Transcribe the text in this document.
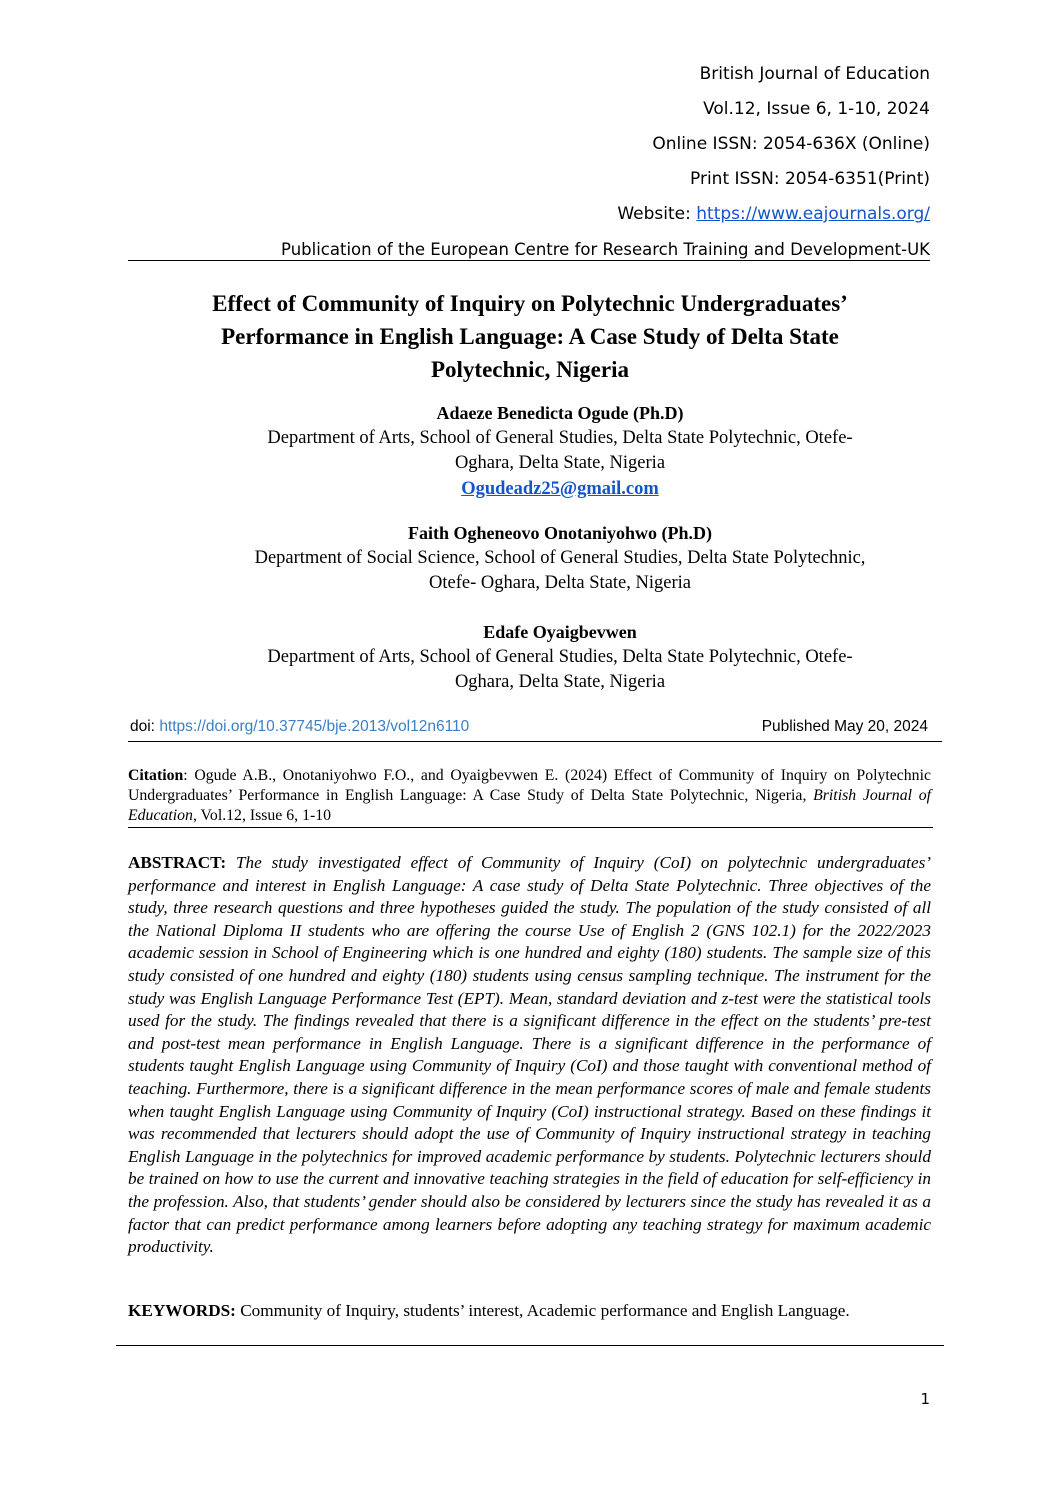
British Journal of Education
Vol.12, Issue 6, 1-10, 2024
Online ISSN: 2054-636X (Online)
Print ISSN: 2054-6351(Print)
Website: https://www.eajournals.org/
Publication of the European Centre for Research Training and Development-UK
Effect of Community of Inquiry on Polytechnic Undergraduates’
Performance in English Language: A Case Study of Delta State
Polytechnic, Nigeria
Adaeze Benedicta Ogude (Ph.D)
Department of Arts, School of General Studies, Delta State Polytechnic, Otefe-
Oghara, Delta State, Nigeria
Ogudeadz25@gmail.com
Faith Ogheneovo Onotaniyohwo (Ph.D)
Department of Social Science, School of General Studies, Delta State Polytechnic,
Otefe- Oghara, Delta State, Nigeria
Edafe Oyaigbevwen
Department of Arts, School of General Studies, Delta State Polytechnic, Otefe-
Oghara, Delta State, Nigeria
doi: https://doi.org/10.37745/bje.2013/vol12n6110	Published May 20, 2024
Citation: Ogude A.B., Onotaniyohwo F.O., and Oyaigbevwen E. (2024) Effect of Community of Inquiry on Polytechnic Undergraduates’ Performance in English Language: A Case Study of Delta State Polytechnic, Nigeria, British Journal of Education, Vol.12, Issue 6, 1-10
ABSTRACT: The study investigated effect of Community of Inquiry (CoI) on polytechnic undergraduates’ performance and interest in English Language: A case study of Delta State Polytechnic. Three objectives of the study, three research questions and three hypotheses guided the study. The population of the study consisted of all the National Diploma II students who are offering the course Use of English 2 (GNS 102.1) for the 2022/2023 academic session in School of Engineering which is one hundred and eighty (180) students. The sample size of this study consisted of one hundred and eighty (180) students using census sampling technique. The instrument for the study was English Language Performance Test (EPT). Mean, standard deviation and z-test were the statistical tools used for the study. The findings revealed that there is a significant difference in the effect on the students’ pre-test and post-test mean performance in English Language. There is a significant difference in the performance of students taught English Language using Community of Inquiry (CoI) and those taught with conventional method of teaching. Furthermore, there is a significant difference in the mean performance scores of male and female students when taught English Language using Community of Inquiry (CoI) instructional strategy. Based on these findings it was recommended that lecturers should adopt the use of Community of Inquiry instructional strategy in teaching English Language in the polytechnics for improved academic performance by students. Polytechnic lecturers should be trained on how to use the current and innovative teaching strategies in the field of education for self-efficiency in the profession. Also, that students’ gender should also be considered by lecturers since the study has revealed it as a factor that can predict performance among learners before adopting any teaching strategy for maximum academic productivity.
KEYWORDS: Community of Inquiry, students’ interest, Academic performance and English Language.
1
